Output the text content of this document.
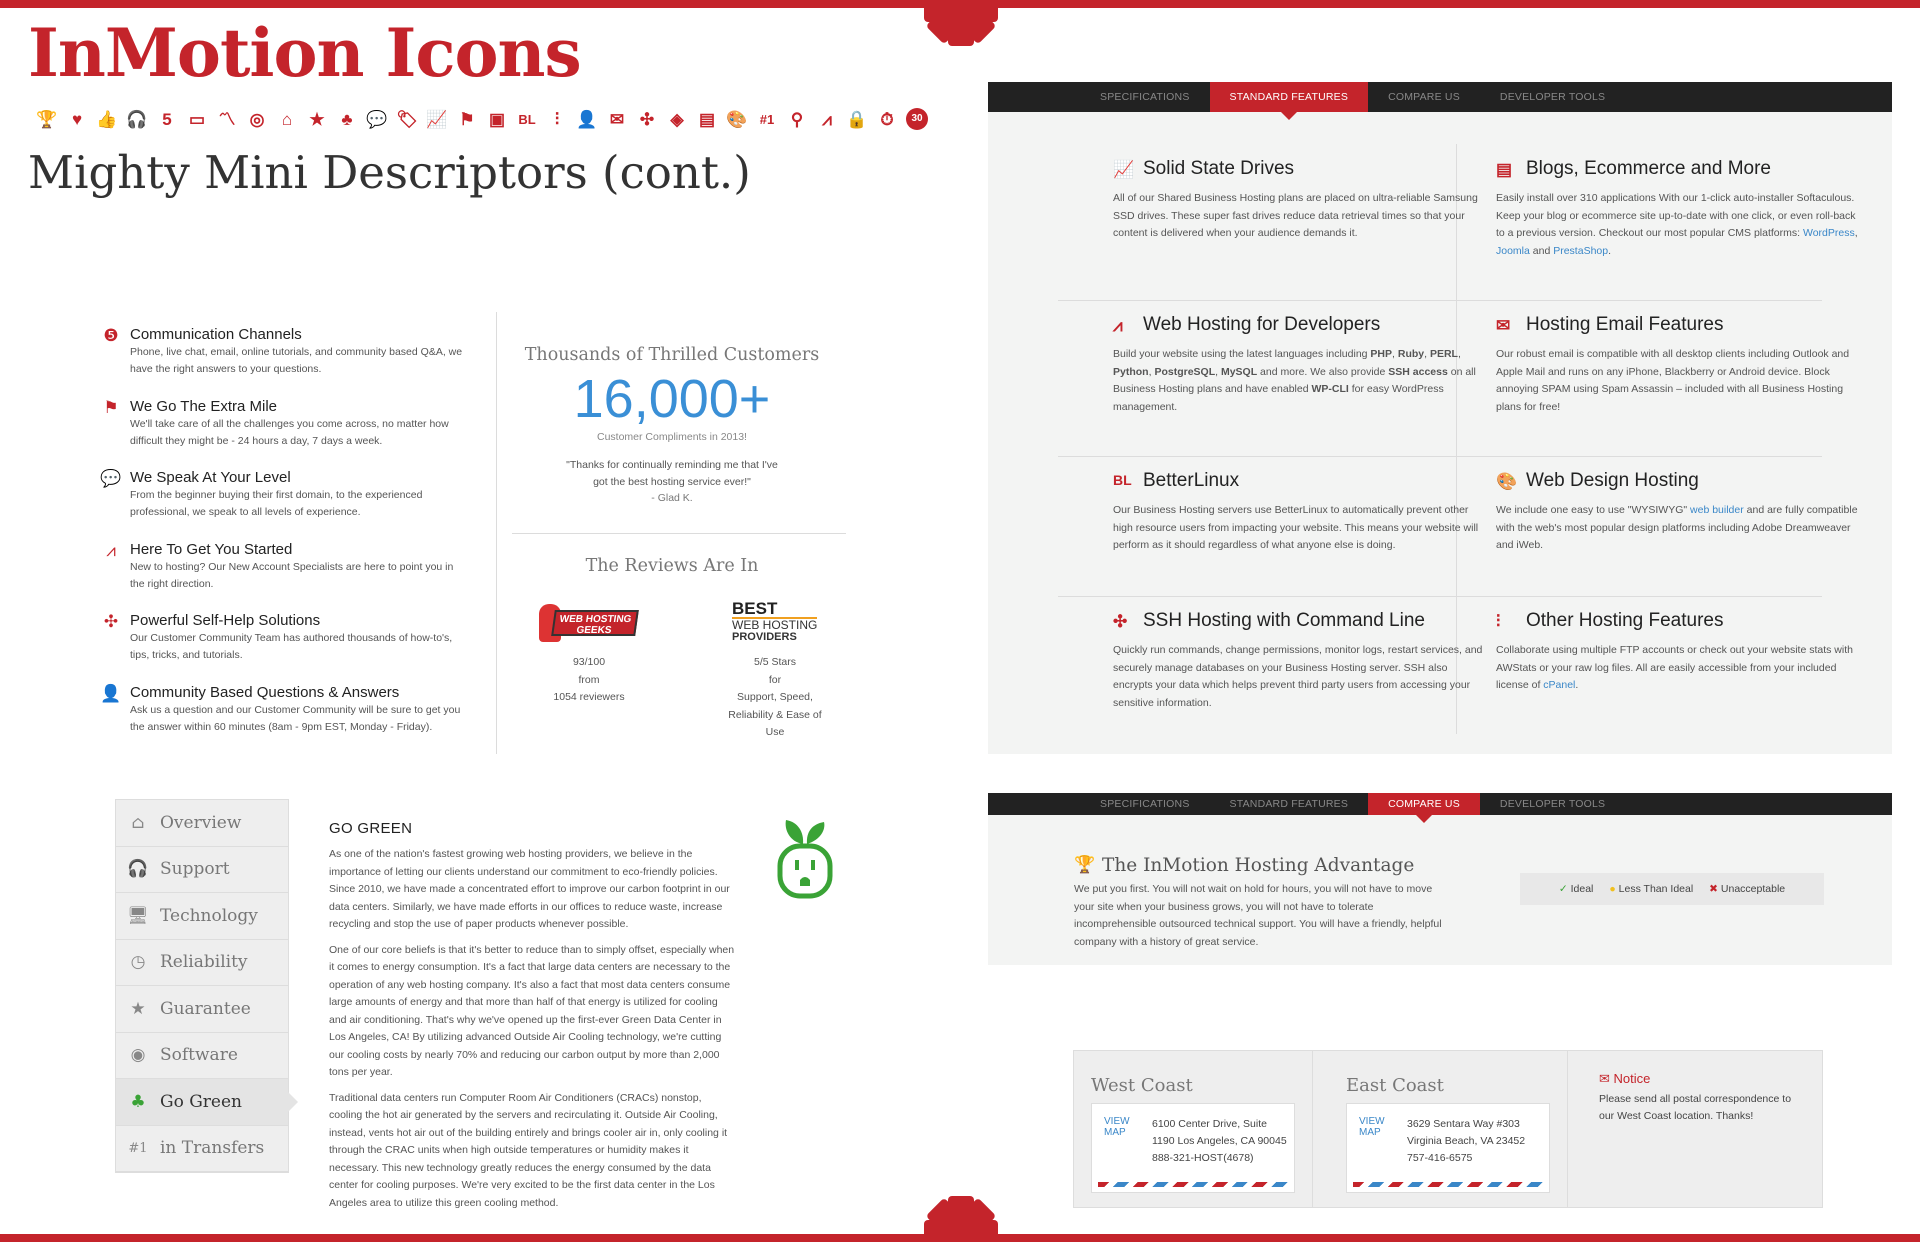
InMotion Icons
🏆 ♥ 👍 🎧 5	▭ 〽 ◎	⌂	★ ♣ 💬 🏷 📈 ⚑ ▣ BL	⫶	👤 ✉ ✣ ◈ ▤ 🎨 #1 ⚲	⩘ 🔒 ⏱	30
Mighty Mini Descriptors (cont.)
❺ Communication Channels

Phone, live chat, email, online tutorials, and community based Q&A, we have the right answers to your questions.

⚑ We Go The Extra Mile

We'll take care of all the challenges you come across, no matter how difficult they might be - 24 hours a day, 7 days a week.

💬 We Speak At Your Level

From the beginner buying their first domain, to the experienced professional, we speak to all levels of experience.

⩘ Here To Get You Started

New to hosting? Our New Account Specialists are here to point you in the right direction.

✣ Powerful Self-Help Solutions

Our Customer Community Team has authored thousands of how-to's, tips, tricks, and tutorials.

👤 Community Based Questions & Answers

Ask us a question and our Customer Community will be sure to get you the answer within 60 minutes (8am - 9pm EST, Monday - Friday).

Thousands of Thrilled Customers
16,000+
Customer Compliments in 2013!
"Thanks for continually reminding me that I've got the best hosting service ever!"
- Glad K.
The Reviews Are In
WEB HOSTING GEEKS
93/100
from
1054 reviewers
BEST
WEB HOSTING
PROVIDERS
5/5 Stars
for
Support, Speed, Reliability & Ease of Use
⌂ Overview
🎧 Support
🖥 Technology
◷ Reliability
★ Guarantee
◉ Software
♣ Go Green
#1 in Transfers
GO GREEN

As one of the nation's fastest growing web hosting providers, we believe in the importance of letting our clients understand our commitment to eco-friendly policies. Since 2010, we have made a concentrated effort to improve our carbon footprint in our data centers. Similarly, we have made efforts in our offices to reduce waste, increase recycling and stop the use of paper products whenever possible.

One of our core beliefs is that it's better to reduce than to simply offset, especially when it comes to energy consumption. It's a fact that large data centers are necessary to the operation of any web hosting company. It's also a fact that most data centers consume large amounts of energy and that more than half of that energy is utilized for cooling and air conditioning. That's why we've opened up the first-ever Green Data Center in Los Angeles, CA! By utilizing advanced Outside Air Cooling technology, we're cutting our cooling costs by nearly 70% and reducing our carbon output by more than 2,000 tons per year.

Traditional data centers run Computer Room Air Conditioners (CRACs) nonstop, cooling the hot air generated by the servers and recirculating it. Outside Air Cooling, instead, vents hot air out of the building entirely and brings cooler air in, only cooling it through the CRAC units when high outside temperatures or humidity makes it necessary. This new technology greatly reduces the energy consumed by the data center for cooling purposes. We're very excited to be the first data center in the Los Angeles area to utilize this green cooling method.

SPECIFICATIONS	STANDARD FEATURES	COMPARE US	DEVELOPER TOOLS
📈 Solid State Drives

All of our Shared Business Hosting plans are placed on ultra-reliable Samsung SSD drives. These super fast drives reduce data retrieval times so that your content is delivered when your audience demands it.

▤ Blogs, Ecommerce and More

Easily install over 310 applications With our 1-click auto-installer Softaculous. Keep your blog or ecommerce site up-to-date with one click, or even roll-back to a previous version. Checkout our most popular CMS platforms: WordPress, Joomla and PrestaShop.

⩘ Web Hosting for Developers

Build your website using the latest languages including PHP, Ruby, PERL, Python, PostgreSQL, MySQL and more. We also provide SSH access on all Business Hosting plans and have enabled WP-CLI for easy WordPress management.

✉ Hosting Email Features

Our robust email is compatible with all desktop clients including Outlook and Apple Mail and runs on any iPhone, Blackberry or Android device. Block annoying SPAM using Spam Assassin – included with all Business Hosting plans for free!

BL BetterLinux

Our Business Hosting servers use BetterLinux to automatically prevent other high resource users from impacting your website. This means your website will perform as it should regardless of what anyone else is doing.

🎨 Web Design Hosting

We include one easy to use "WYSIWYG" web builder and are fully compatible with the web's most popular design platforms including Adobe Dreamweaver and iWeb.

✣ SSH Hosting with Command Line

Quickly run commands, change permissions, monitor logs, restart services, and securely manage databases on your Business Hosting server. SSH also encrypts your data which helps prevent third party users from accessing your sensitive information.

⫶ Other Hosting Features

Collaborate using multiple FTP accounts or check out your website stats with AWStats or your raw log files. All are easily accessible from your included license of cPanel.

SPECIFICATIONS	STANDARD FEATURES	COMPARE US	DEVELOPER TOOLS
🏆 The InMotion Hosting Advantage
We put you first. You will not wait on hold for hours, you will not have to move your site when your business grows, you will not have to tolerate incomprehensible outsourced technical support. You will have a friendly, helpful company with a history of great service.
✓ Ideal ● Less Than Ideal ✖ Unacceptable
West Coast
VIEW MAP
6100 Center Drive, Suite
1190 Los Angeles, CA 90045
888-321-HOST(4678)
East Coast
VIEW MAP
3629 Sentara Way #303
Virginia Beach, VA 23452
757-416-6575
✉ Notice
Please send all postal correspondence to our West Coast location. Thanks!
